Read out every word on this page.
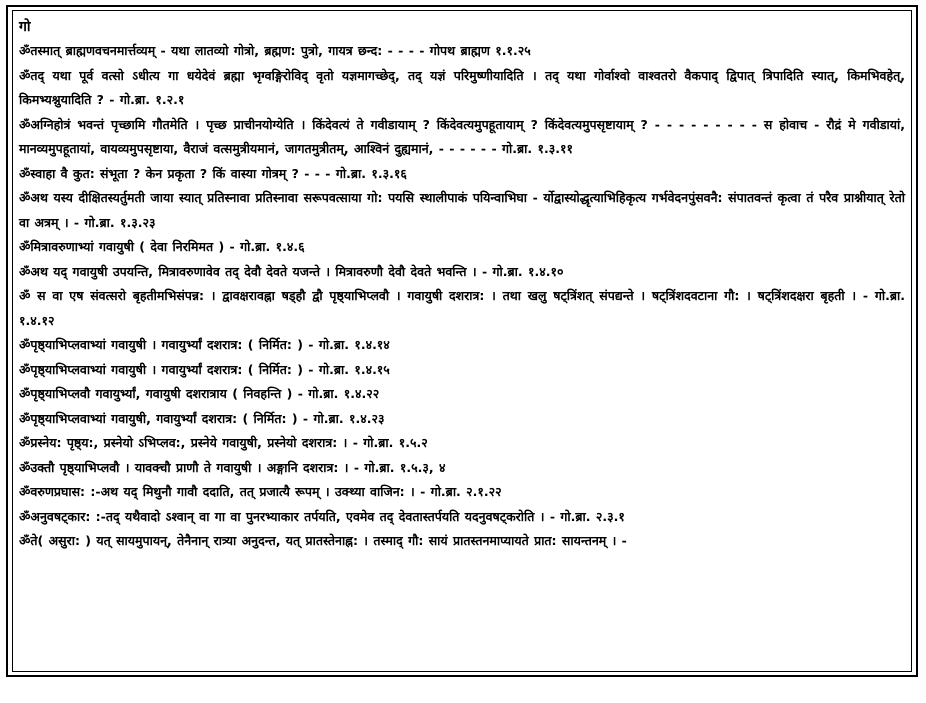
गो

ॐतस्मात् ब्राह्मणवचनमार्त्तव्यम् - यथा लातव्यो गोत्रो, ब्रह्मण: पुत्रो, गायत्र छन्द: - - - - गोपथ ब्राह्मण १.१.२५

ॐतद् यथा पूर्व वत्सो ऽधीत्य गा धयेदेवं ब्रह्मा भृग्वङ्गिरोविद् वृतो यज्ञमागच्छेद्, तद् यज्ञं परिमुष्णीयादिति । तद् यथा गोर्वाश्वो वाश्वतरो वैकपाद् द्विपात् त्रिपादिति स्यात्, किमभिवहेत्, किमभ्यश्नुयादिति ? - गो.ब्रा. १.२.१

ॐअग्निहोत्रं भवन्तं पृच्छामि गौतमेति । पृच्छ प्राचीनयोग्येति । किंदेवत्यं ते गवीडायाम् ? किंदेवत्यमुपहूतायाम् ? किंदेवत्यमुपसृष्टायाम् ? - - - - - - - - - स होवाच - रौद्रं मे गवीडायां, मानव्यमुपहूतायां, वायव्यमुपसृष्टाया, वैराजं वत्समुत्रीयमानं, जागतमुत्रीतम्, आश्विनं दुह्यमानं, - - - - - - गो.ब्रा. १.३.११

ॐस्वाहा वै कुत: संभूता ? केन प्रकृता ? किं वास्या गोत्रम् ? - - - गो.ब्रा. १.३.१६

ॐअथ यस्य दीक्षितस्यर्तुमती जाया स्यात् प्रतिस्नावा प्रतिस्नावा सरूपवत्साया गो: पयसि स्थालीपाकं पयिन्वाभिघा - र्योद्वास्योद्धृत्याभिहिकृत्य गर्भवेदनपुंसवनै: संपातवन्तं कृत्वा तं परैव प्राश्नीयात् रेतो वा अत्रम् । - गो.ब्रा. १.३.२३

ॐमित्रावरुणाभ्यां गवायुषी ( देवा निरमिमत ) - गो.ब्रा. १.४.६

ॐअथ यद् गवायुषी उपयन्ति, मित्रावरुणावेव तद् देवौ देवते यजन्ते । मित्रावरुणौ देवौ देवते भवन्ति । - गो.ब्रा. १.४.१०

ॐ स वा एष संवत्सरो बृहतीमभिसंपन्न: । द्वावक्षरावह्ना षड्हौ द्वौ पृष्ठ्याभिप्लवौ । गवायुषी दशरात्र: । तथा खलु षट्त्रिंशत् संपद्यन्ते । षट्त्रिंशदवटाना गौ: । षट्त्रिंशदक्षरा बृहती । - गो.ब्रा. १.४.१२

ॐपृष्ठ्याभिप्लवाभ्यां गवायुषी । गवायुर्भ्यां दशरात्र: ( निर्मित: ) - गो.ब्रा. १.४.१४

ॐपृष्ठ्याभिप्लवाभ्यां गवायुषी । गवायुर्भ्यां दशरात्र: ( निर्मित: ) - गो.ब्रा. १.४.१५

ॐपृष्ठ्याभिप्लवौ गवायुर्भ्यां, गवायुषी दशरात्राय ( निवहन्ति ) - गो.ब्रा. १.४.२२

ॐपृष्ठ्याभिप्लवाभ्यां गवायुषी, गवायुर्भ्यां दशरात्र: ( निर्मित: ) - गो.ब्रा. १.४.२३

ॐप्रस्नेय: पृष्ठ्य:, प्रस्नेयो ऽभिप्लव:, प्रस्नेये गवायुषी, प्रस्नेयो दशरात्र: । - गो.ब्रा. १.५.२

ॐउक्तौ पृष्ठ्याभिप्लवौ । यावक्चौ प्राणौ ते गवायुषी । अङ्गानि दशरात्र: । - गो.ब्रा. १.५.३, ४

ॐवरुणप्रघास: :-अथ यद् मिथुनौ गावौ ददाति, तत् प्रजात्यै रूपम् । उक्थ्या वाजिन: । - गो.ब्रा. २.१.२२

ॐअनुवषट्कार: :-तद् यथैवादो ऽश्वान् वा गा वा पुनरभ्याकार तर्पयति, एवमेव तद् देवतास्तर्पयति यदनुवषट्करोति । - गो.ब्रा. २.३.१

ॐते( असुरा: ) यत् सायमुपायन्, तेनैनान् रात्र्या अनुदन्त, यत् प्रातस्तेनाह्न: । तस्माद् गौ: सायं प्रातस्तनमाप्यायते प्रात: सायन्तनम् । -
